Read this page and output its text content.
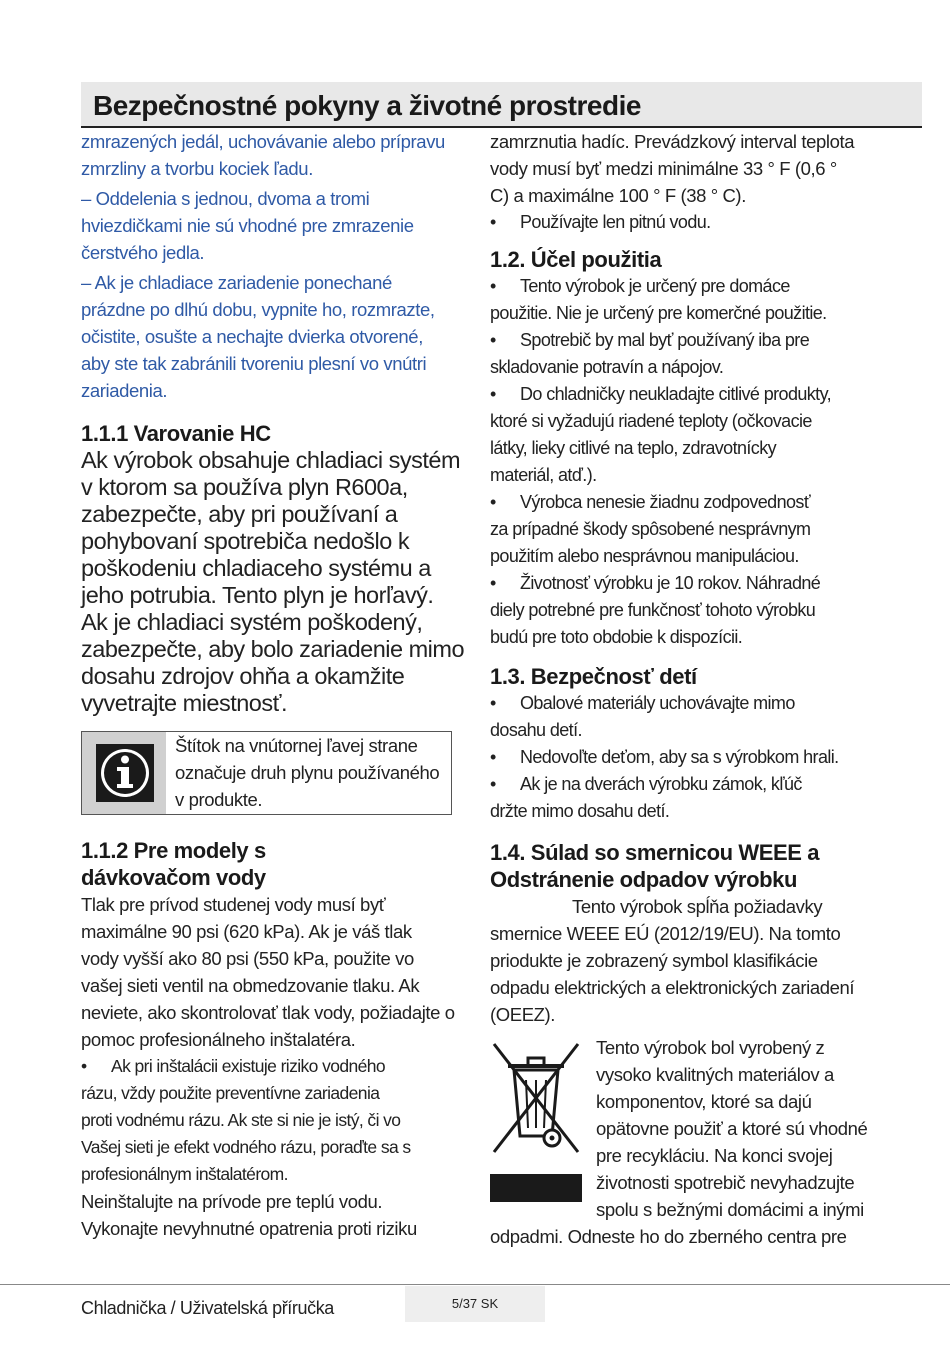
Bezpečnostné pokyny a životné prostredie

zmrazených jedál, uchovávanie alebo prípravu

zmrzliny a tvorbu kociek ľadu.

– Oddelenia s jednou, dvoma a tromi

hviezdičkami nie sú vhodné pre zmrazenie

čerstvého jedla.

– Ak je chladiace zariadenie ponechané

prázdne po dlhú dobu, vypnite ho, rozmrazte,

očistite, osušte a nechajte dvierka otvorené,

aby ste tak zabránili tvoreniu plesní vo vnútri

zariadenia.

1.1.1 Varovanie HC

Ak výrobok obsahuje chladiaci systém

v ktorom sa používa plyn R600a,

zabezpečte, aby pri používaní a

pohybovaní spotrebiča nedošlo k

poškodeniu chladiaceho systému a

jeho potrubia. Tento plyn je horľavý.

Ak je chladiaci systém poškodený,

zabezpečte, aby bolo zariadenie mimo

dosahu zdrojov ohňa a okamžite

vyvetrajte miestnosť.

Štítok na vnútornej ľavej strane
označuje druh plynu používaného
v produkte.
1.1.2 Pre modely s
dávkovačom vody

Tlak pre prívod studenej vody musí byť

maximálne 90 psi (620 kPa). Ak je váš tlak

vody vyšší ako 80 psi (550 kPa, použite vo

vašej sieti ventil na obmedzovanie tlaku. Ak

neviete, ako skontrolovať tlak vody, požiadajte o

pomoc profesionálneho inštalatéra.

• Ak pri inštalácii existuje riziko vodného

rázu, vždy použite preventívne zariadenia

proti vodnému rázu. Ak ste si nie je istý, či vo

Vašej sieti je efekt vodného rázu, poraďte sa s

profesionálnym inštalatérom.

Neinštalujte na prívode pre teplú vodu.

Vykonajte nevyhnutné opatrenia proti riziku

zamrznutia hadíc. Prevádzkový interval teplota

vody musí byť medzi minimálne 33 ° F (0,6 °

C) a maximálne 100 ° F (38 ° C).

• Používajte len pitnú vodu.

1.2. Účel použitia

• Tento výrobok je určený pre domáce

použitie. Nie je určený pre komerčné použitie.

• Spotrebič by mal byť používaný iba pre

skladovanie potravín a nápojov.

• Do chladničky neukladajte citlivé produkty,

ktoré si vyžadujú riadené teploty (očkovacie

látky, lieky citlivé na teplo, zdravotnícky

materiál, atď.).

• Výrobca nenesie žiadnu zodpovednosť

za prípadné škody spôsobené nesprávnym

použitím alebo nesprávnou manipuláciou.

• Životnosť výrobku je 10 rokov. Náhradné

diely potrebné pre funkčnosť tohoto výrobku

budú pre toto obdobie k dispozícii.

1.3. Bezpečnosť detí

• Obalové materiály uchovávajte mimo

dosahu detí.

• Nedovoľte deťom, aby sa s výrobkom hrali.

• Ak je na dverách výrobku zámok, kľúč

držte mimo dosahu detí.

1.4. Súlad so smernicou WEEE a
Odstránenie odpadov výrobku

Tento výrobok spĺňa požiadavky

smernice WEEE EÚ (2012/19/EU). Na tomto

priodukte je zobrazený symbol klasifikácie

odpadu elektrických a elektronických zariadení

(OEEZ).

Tento výrobok bol vyrobený z

vysoko kvalitných materiálov a

komponentov, ktoré sa dajú

opätovne použiť a ktoré sú vhodné

pre recykláciu. Na konci svojej

životnosti spotrebič nevyhadzujte

spolu s bežnými domácimi a inými

odpadmi. Odneste ho do zberného centra pre

Chladnička / Uživatelská příručka	5/37 SK
